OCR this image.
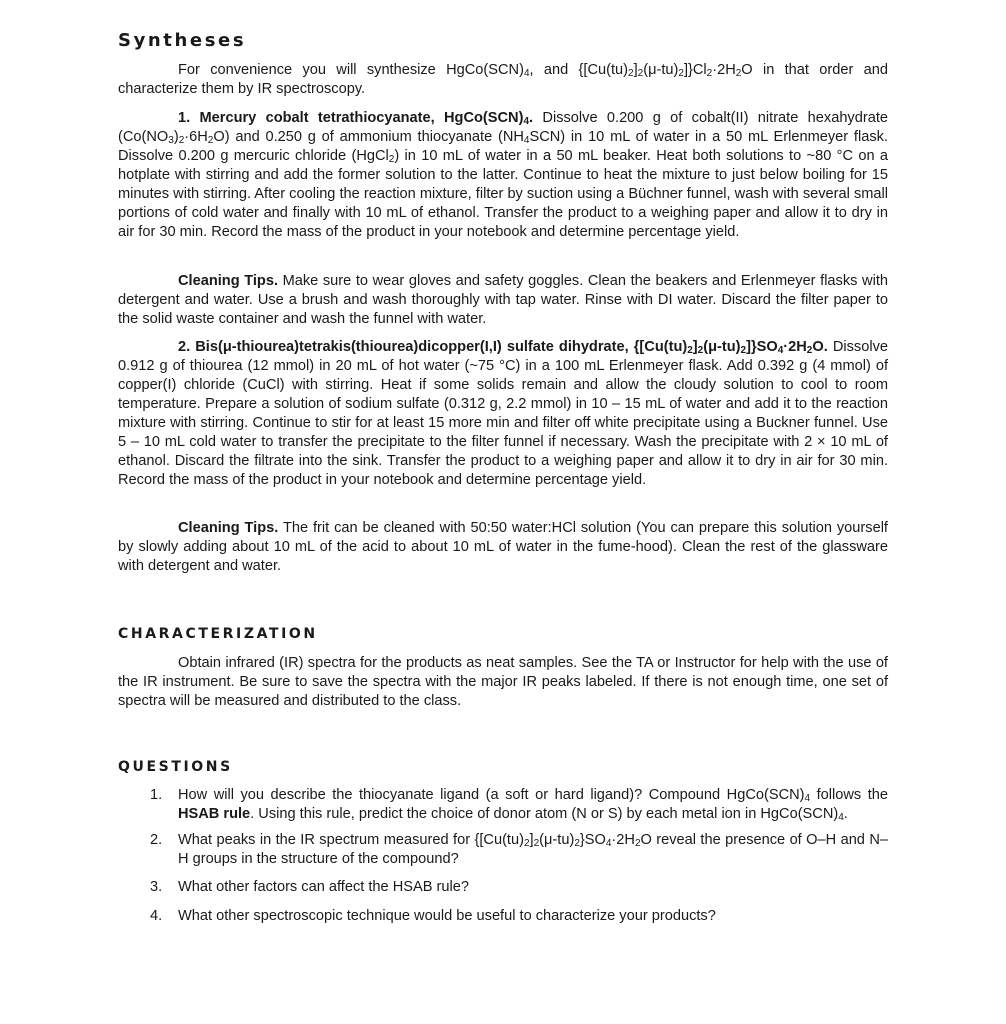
Syntheses

For convenience you will synthesize $HgCo(SCN)_4$, and $\{[Cu(tu)_2]_2(\mu-tu)_2]\}Cl_2\cdot 2H_2O$ in that order and characterize them by IR spectroscopy.

1. Mercury cobalt tetrathiocyanate, $HgCo(SCN)_4$. Dissolve 0.200 g of cobalt(II) nitrate hexahydrate $(Co(NO_3)_2\cdot 6H_2O)$ and 0.250 g of ammonium thiocyanate $(NH_4SCN)$ in 10 mL of water in a 50 mL Erlenmeyer flask. Dissolve 0.200 g mercuric chloride (HgCl$_2$) in 10 mL of water in a 50 mL beaker. Heat both solutions to ~80 °C on a hotplate with stirring and add the former solution to the latter. Continue to heat the mixture to just below boiling for 15 minutes with stirring. After cooling the reaction mixture, filter by suction using a Büchner funnel, wash with several small portions of cold water and finally with 10 mL of ethanol. Transfer the product to a weighing paper and allow it to dry in air for 30 min. Record the mass of the product in your notebook and determine percentage yield.

Cleaning Tips. Make sure to wear gloves and safety goggles. Clean the beakers and Erlenmeyer flasks with detergent and water. Use a brush and wash thoroughly with tap water. Rinse with DI water. Discard the filter paper to the solid waste container and wash the funnel with water.

2. Bis(μ-thiourea)tetrakis(thiourea)dicopper(I,I) sulfate dihydrate, $\{[Cu(tu)_2]_2(\mu-tu)_2]\}SO_4\cdot 2H_2O$. Dissolve 0.912 g of thiourea (12 mmol) in 20 mL of hot water (~75 °C) in a 100 mL Erlenmeyer flask. Add 0.392 g (4 mmol) of copper(I) chloride (CuCl) with stirring. Heat if some solids remain and allow the cloudy solution to cool to room temperature. Prepare a solution of sodium sulfate (0.312 g, 2.2 mmol) in 10 – 15 mL of water and add it to the reaction mixture with stirring. Continue to stir for at least 15 more min and filter off white precipitate using a Buckner funnel. Use 5 – 10 mL cold water to transfer the precipitate to the filter funnel if necessary. Wash the precipitate with 2 × 10 mL of ethanol. Discard the filtrate into the sink. Transfer the product to a weighing paper and allow it to dry in air for 30 min. Record the mass of the product in your notebook and determine percentage yield.

Cleaning Tips. The frit can be cleaned with 50:50 water:HCl solution (You can prepare this solution yourself by slowly adding about 10 mL of the acid to about 10 mL of water in the fume-hood). Clean the rest of the glassware with detergent and water.

CHARACTERIZATION

Obtain infrared (IR) spectra for the products as neat samples. See the TA or Instructor for help with the use of the IR instrument. Be sure to save the spectra with the major IR peaks labeled. If there is not enough time, one set of spectra will be measured and distributed to the class.

QUESTIONS
1. How will you describe the thiocyanate ligand (a soft or hard ligand)? Compound $HgCo(SCN)_4$ follows the HSAB rule. Using this rule, predict the choice of donor atom (N or S) by each metal ion in $HgCo(SCN)_4$.
2. What peaks in the IR spectrum measured for $\{[Cu(tu)_2]_2(\mu-tu)_2\}SO_4\cdot 2H_2O$ reveal the presence of O–H and N–H groups in the structure of the compound?
3. What other factors can affect the HSAB rule?
4. What other spectroscopic technique would be useful to characterize your products?
